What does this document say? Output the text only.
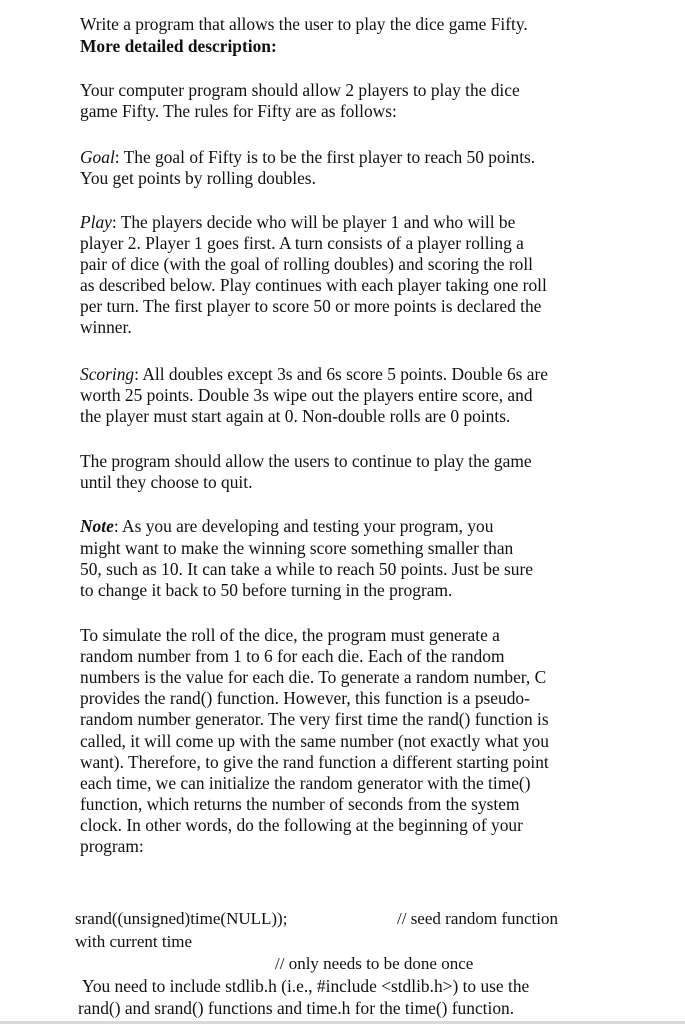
Write a program that allows the user to play the dice game Fifty.
More detailed description:
Your computer program should allow 2 players to play the dice
game Fifty. The rules for Fifty are as follows:
Goal: The goal of Fifty is to be the first player to reach 50 points.
You get points by rolling doubles.
Play: The players decide who will be player 1 and who will be
player 2. Player 1 goes first. A turn consists of a player rolling a
pair of dice (with the goal of rolling doubles) and scoring the roll
as described below. Play continues with each player taking one roll
per turn. The first player to score 50 or more points is declared the
winner.
Scoring: All doubles except 3s and 6s score 5 points. Double 6s are
worth 25 points. Double 3s wipe out the players entire score, and
the player must start again at 0. Non-double rolls are 0 points.
The program should allow the users to continue to play the game
until they choose to quit.
Note: As you are developing and testing your program, you
might want to make the winning score something smaller than
50, such as 10. It can take a while to reach 50 points. Just be sure
to change it back to 50 before turning in the program.
To simulate the roll of the dice, the program must generate a
random number from 1 to 6 for each die. Each of the random
numbers is the value for each die. To generate a random number, C
provides the rand() function. However, this function is a pseudo-
random number generator. The very first time the rand() function is
called, it will come up with the same number (not exactly what you
want). Therefore, to give the rand function a different starting point
each time, we can initialize the random generator with the time()
function, which returns the number of seconds from the system
clock. In other words, do the following at the beginning of your
program:
srand((unsigned)time(NULL));	// seed random function
with current time
// only needs to be done once
You need to include stdlib.h (i.e., #include <stdlib.h>) to use the
rand() and srand() functions and time.h for the time() function.
